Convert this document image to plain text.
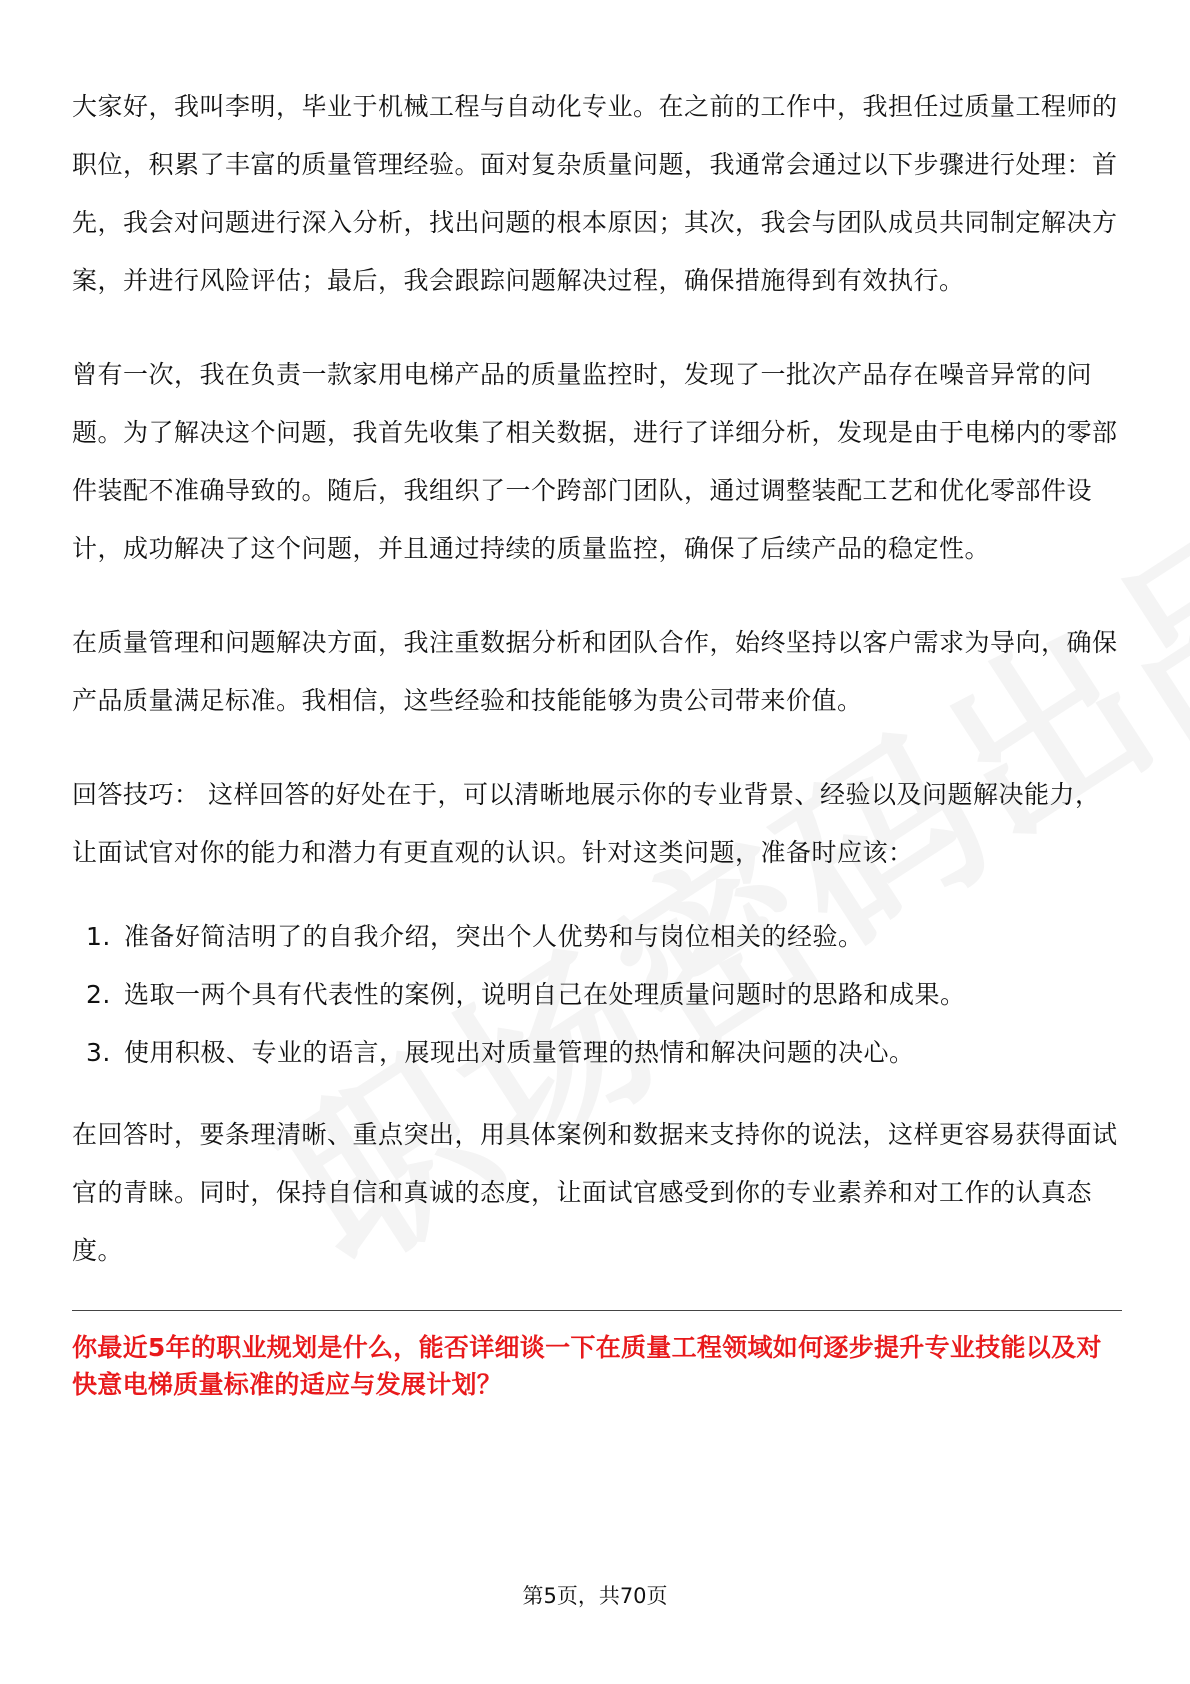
大家好，我叫李明，毕业于机械工程与自动化专业。在之前的工作中，我担任过质量工程师的职位，积累了丰富的质量管理经验。面对复杂质量问题，我通常会通过以下步骤进行处理：首先，我会对问题进行深入分析，找出问题的根本原因；其次，我会与团队成员共同制定解决方案，并进行风险评估；最后，我会跟踪问题解决过程，确保措施得到有效执行。

曾有一次，我在负责一款家用电梯产品的质量监控时，发现了一批次产品存在噪音异常的问题。为了解决这个问题，我首先收集了相关数据，进行了详细分析，发现是由于电梯内的零部件装配不准确导致的。随后，我组织了一个跨部门团队，通过调整装配工艺和优化零部件设计，成功解决了这个问题，并且通过持续的质量监控，确保了后续产品的稳定性。

在质量管理和问题解决方面，我注重数据分析和团队合作，始终坚持以客户需求为导向，确保产品质量满足标准。我相信，这些经验和技能能够为贵公司带来价值。

回答技巧： 这样回答的好处在于，可以清晰地展示你的专业背景、经验以及问题解决能力，让面试官对你的能力和潜力有更直观的认识。针对这类问题，准备时应该：

1. 准备好简洁明了的自我介绍，突出个人优势和与岗位相关的经验。
2. 选取一两个具有代表性的案例，说明自己在处理质量问题时的思路和成果。
3. 使用积极、专业的语言，展现出对质量管理的热情和解决问题的决心。

在回答时，要条理清晰、重点突出，用具体案例和数据来支持你的说法，这样更容易获得面试官的青睐。同时，保持自信和真诚的态度，让面试官感受到你的专业素养和对工作的认真态度。

你最近5年的职业规划是什么，能否详细谈一下在质量工程领域如何逐步提升专业技能以及对快意电梯质量标准的适应与发展计划？
第5页，共70页
